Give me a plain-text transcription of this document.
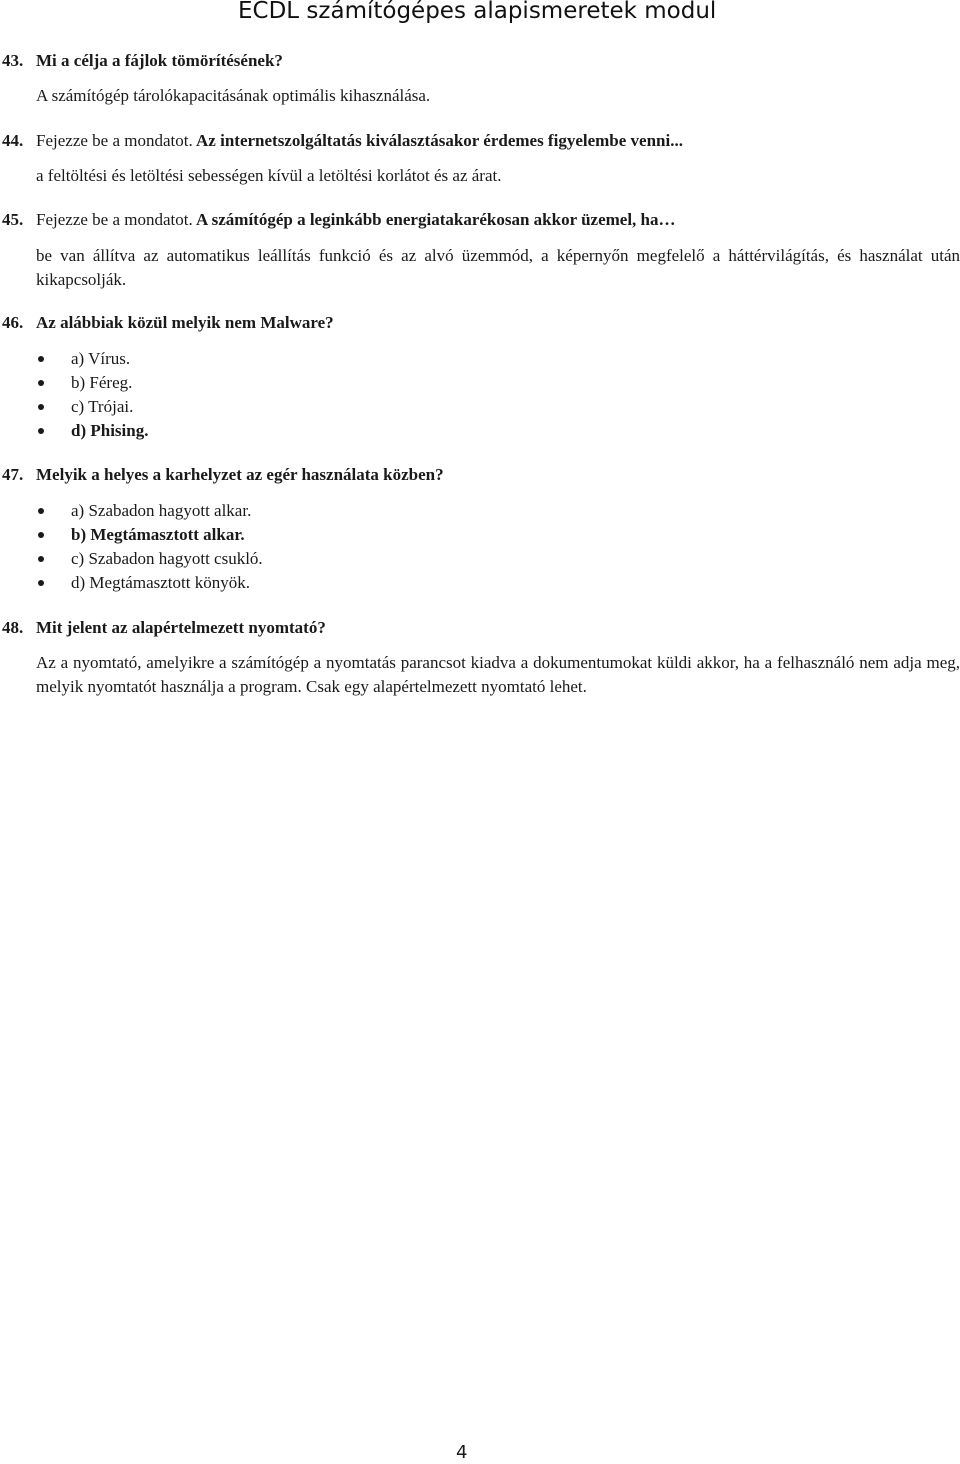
ECDL számítógépes alapismeretek modul
43. Mi a célja a fájlok tömörítésének?
A számítógép tárolókapacitásának optimális kihasználása.
44. Fejezze be a mondatot. Az internetszolgáltatás kiválasztásakor érdemes figyelembe venni...
a feltöltési és letöltési sebességen kívül a letöltési korlátot és az árat.
45. Fejezze be a mondatot. A számítógép a leginkább energiatakarékosan akkor üzemel, ha…
be van állítva az automatikus leállítás funkció és az alvó üzemmód, a képernyőn megfelelő a háttérvilágítás, és használat után kikapcsolják.
46. Az alábbiak közül melyik nem Malware?
a) Vírus.
b) Féreg.
c) Trójai.
d) Phising.
47. Melyik a helyes a karhelyzet az egér használata közben?
a) Szabadon hagyott alkar.
b) Megtámasztott alkar.
c) Szabadon hagyott csukló.
d) Megtámasztott könyök.
48. Mit jelent az alapértelmezett nyomtató?
Az a nyomtató, amelyikre a számítógép a nyomtatás parancsot kiadva a dokumentumokat küldi akkor, ha a felhasználó nem adja meg, melyik nyomtatót használja a program. Csak egy alapértelmezett nyomtató lehet.
4
